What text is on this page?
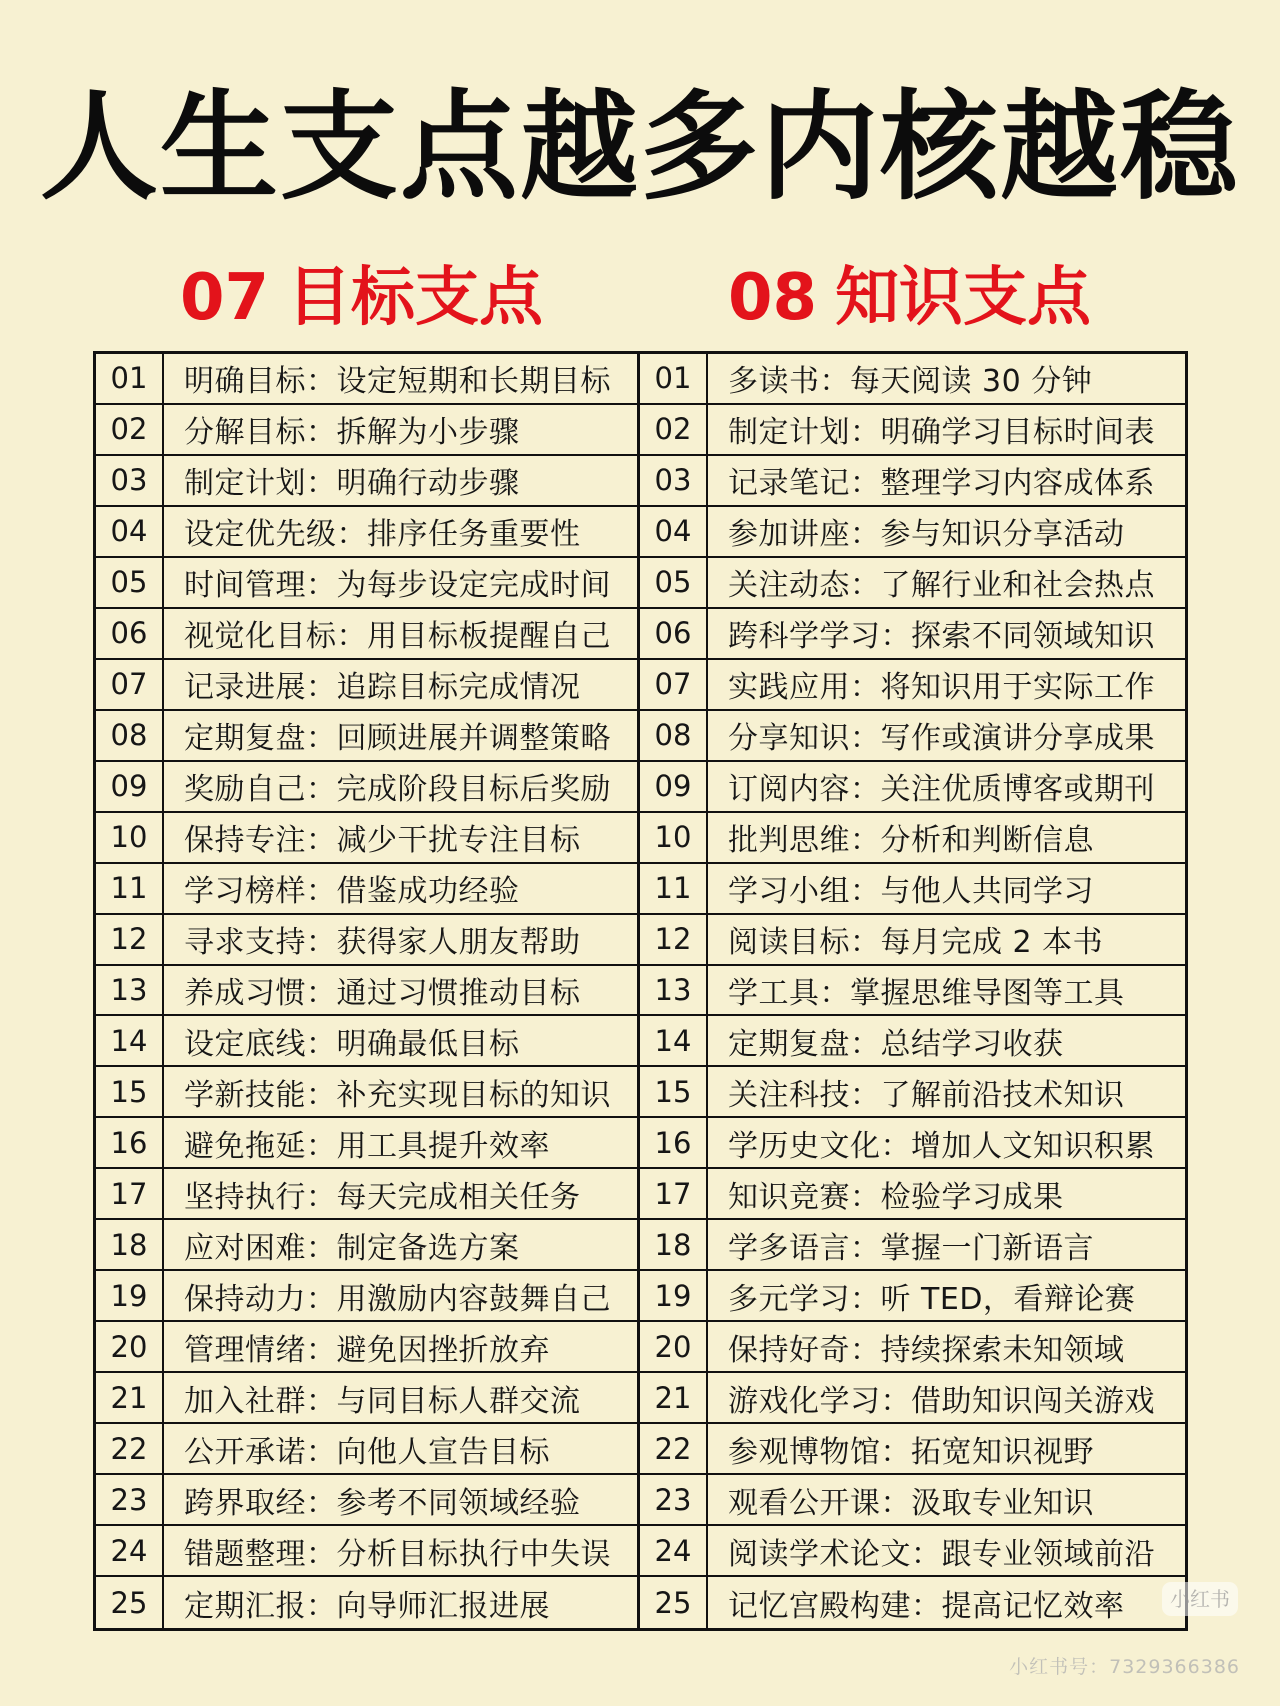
人生支点越多内核越稳
07 目标支点	08 知识支点
01	明确目标：设定短期和长期目标	01	多读书：每天阅读 30 分钟
02	分解目标：拆解为小步骤	02	制定计划：明确学习目标时间表
03	制定计划：明确行动步骤	03	记录笔记：整理学习内容成体系
04	设定优先级：排序任务重要性	04	参加讲座：参与知识分享活动
05	时间管理：为每步设定完成时间	05	关注动态：了解行业和社会热点
06	视觉化目标：用目标板提醒自己	06	跨科学学习：探索不同领域知识
07	记录进展：追踪目标完成情况	07	实践应用：将知识用于实际工作
08	定期复盘：回顾进展并调整策略	08	分享知识：写作或演讲分享成果
09	奖励自己：完成阶段目标后奖励	09	订阅内容：关注优质博客或期刊
10	保持专注：减少干扰专注目标	10	批判思维：分析和判断信息
11	学习榜样：借鉴成功经验	11	学习小组：与他人共同学习
12	寻求支持：获得家人朋友帮助	12	阅读目标：每月完成 2 本书
13	养成习惯：通过习惯推动目标	13	学工具：掌握思维导图等工具
14	设定底线：明确最低目标	14	定期复盘：总结学习收获
15	学新技能：补充实现目标的知识	15	关注科技：了解前沿技术知识
16	避免拖延：用工具提升效率	16	学历史文化：增加人文知识积累
17	坚持执行：每天完成相关任务	17	知识竞赛：检验学习成果
18	应对困难：制定备选方案	18	学多语言：掌握一门新语言
19	保持动力：用激励内容鼓舞自己	19	多元学习：听 TED，看辩论赛
20	管理情绪：避免因挫折放弃	20	保持好奇：持续探索未知领域
21	加入社群：与同目标人群交流	21	游戏化学习：借助知识闯关游戏
22	公开承诺：向他人宣告目标	22	参观博物馆：拓宽知识视野
23	跨界取经：参考不同领域经验	23	观看公开课：汲取专业知识
24	错题整理：分析目标执行中失误	24	阅读学术论文：跟专业领域前沿
25	定期汇报：向导师汇报进展	25	记忆宫殿构建：提高记忆效率	小红书
小红书号：7329366386
